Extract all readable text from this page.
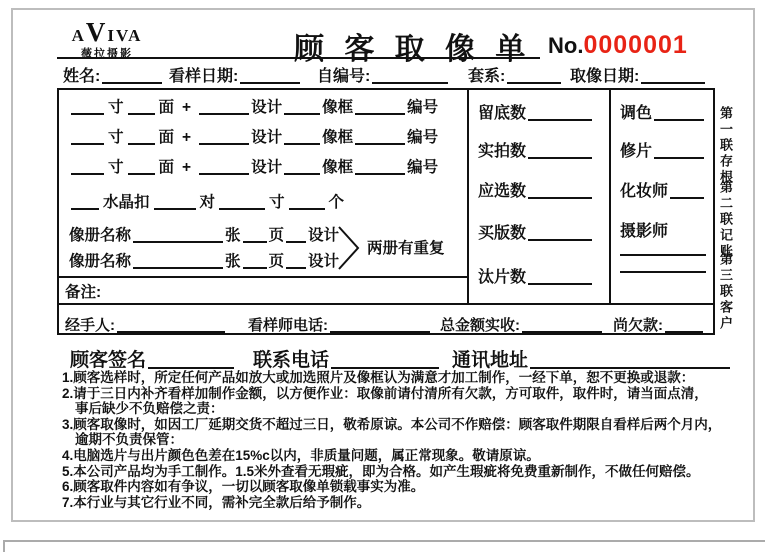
AVIVA
薇拉摄影	顾 客 取 像 单 No.0000001
姓名:	看样日期:	自编号:	套系:	取像日期:
寸 面 +	设计	像框	编号
寸 面 +	设计	像框	编号
寸 面 +	设计	像框	编号
水晶扣	对	寸	个
像册名称	张 页 设计
像册名称	张 页 设计
两册有重复
备注:
留底数
实拍数
应选数
买版数
汰片数
调色
修片
化妆师
摄影师
经手人:	看样师电话:	总金额实收:	尚欠款:
第一联存根
第二联记账
第三联客户
顾客签名	联系电话	通讯地址
1.顾客选样时，所定任何产品如放大或加选照片及像框认为满意才加工制作，一经下单，恕不更换或退款：
2.请于三日内补齐看样加制作金额，以方便作业：取像前请付清所有欠款，方可取件，取件时，请当面点清，
事后缺少不负赔偿之责：
3.顾客取像时，如因工厂延期交货不超过三日，敬希原谅。本公司不作赔偿：顾客取件期限自看样后两个月内，
逾期不负责保管：
4.电脑选片与出片颜色色差在15%c以内，非质量问题，属正常现象。敬请原谅。
5.本公司产品均为手工制作。1.5米外查看无瑕疵，即为合格。如产生瑕疵将免费重新制作，不做任何赔偿。
6.顾客取件内容如有争议，一切以顾客取像单锁载事实为准。
7.本行业与其它行业不同，需补完全款后给予制作。
